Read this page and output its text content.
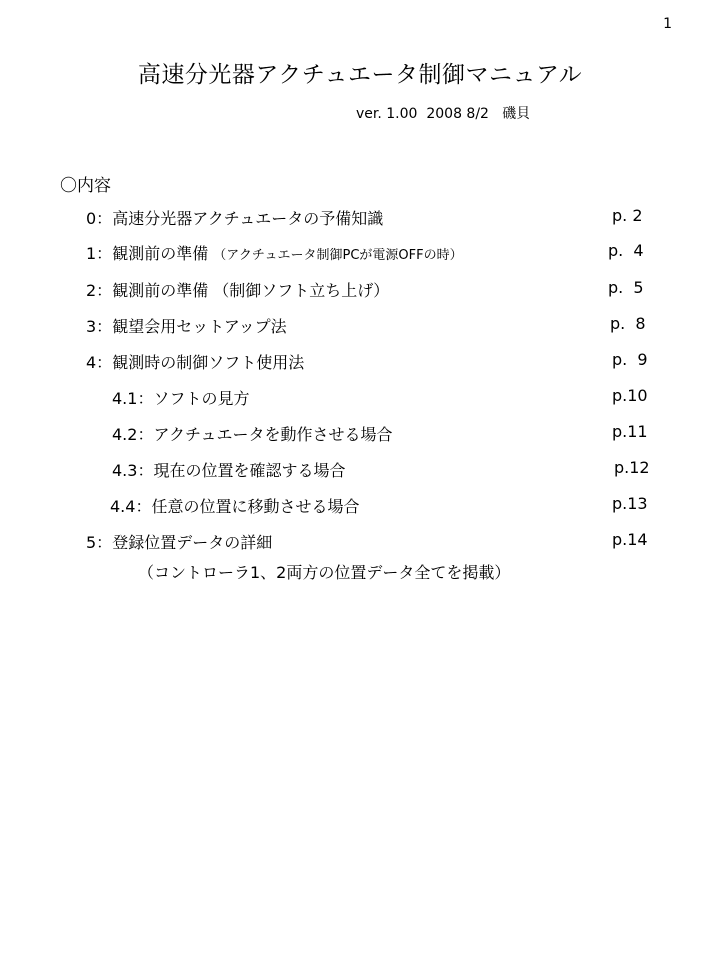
1
高速分光器アクチュエータ制御マニュアル
ver. 1.00  2008 8/2   磯貝
〇内容
0：高速分光器アクチュエータの予備知識	p. 2
1：観測前の準備 （アクチュエータ制御PCが電源OFFの時）	p.  4
2：観測前の準備 （制御ソフト立ち上げ）	p.  5
3：観望会用セットアップ法	p.  8
4：観測時の制御ソフト使用法	p.  9
4.1：ソフトの見方	p.10
4.2：アクチュエータを動作させる場合	p.11
4.3：現在の位置を確認する場合	p.12
4.4：任意の位置に移動させる場合	p.13
5：登録位置データの詳細	p.14
（コントローラ1、2両方の位置データ全てを掲載）
